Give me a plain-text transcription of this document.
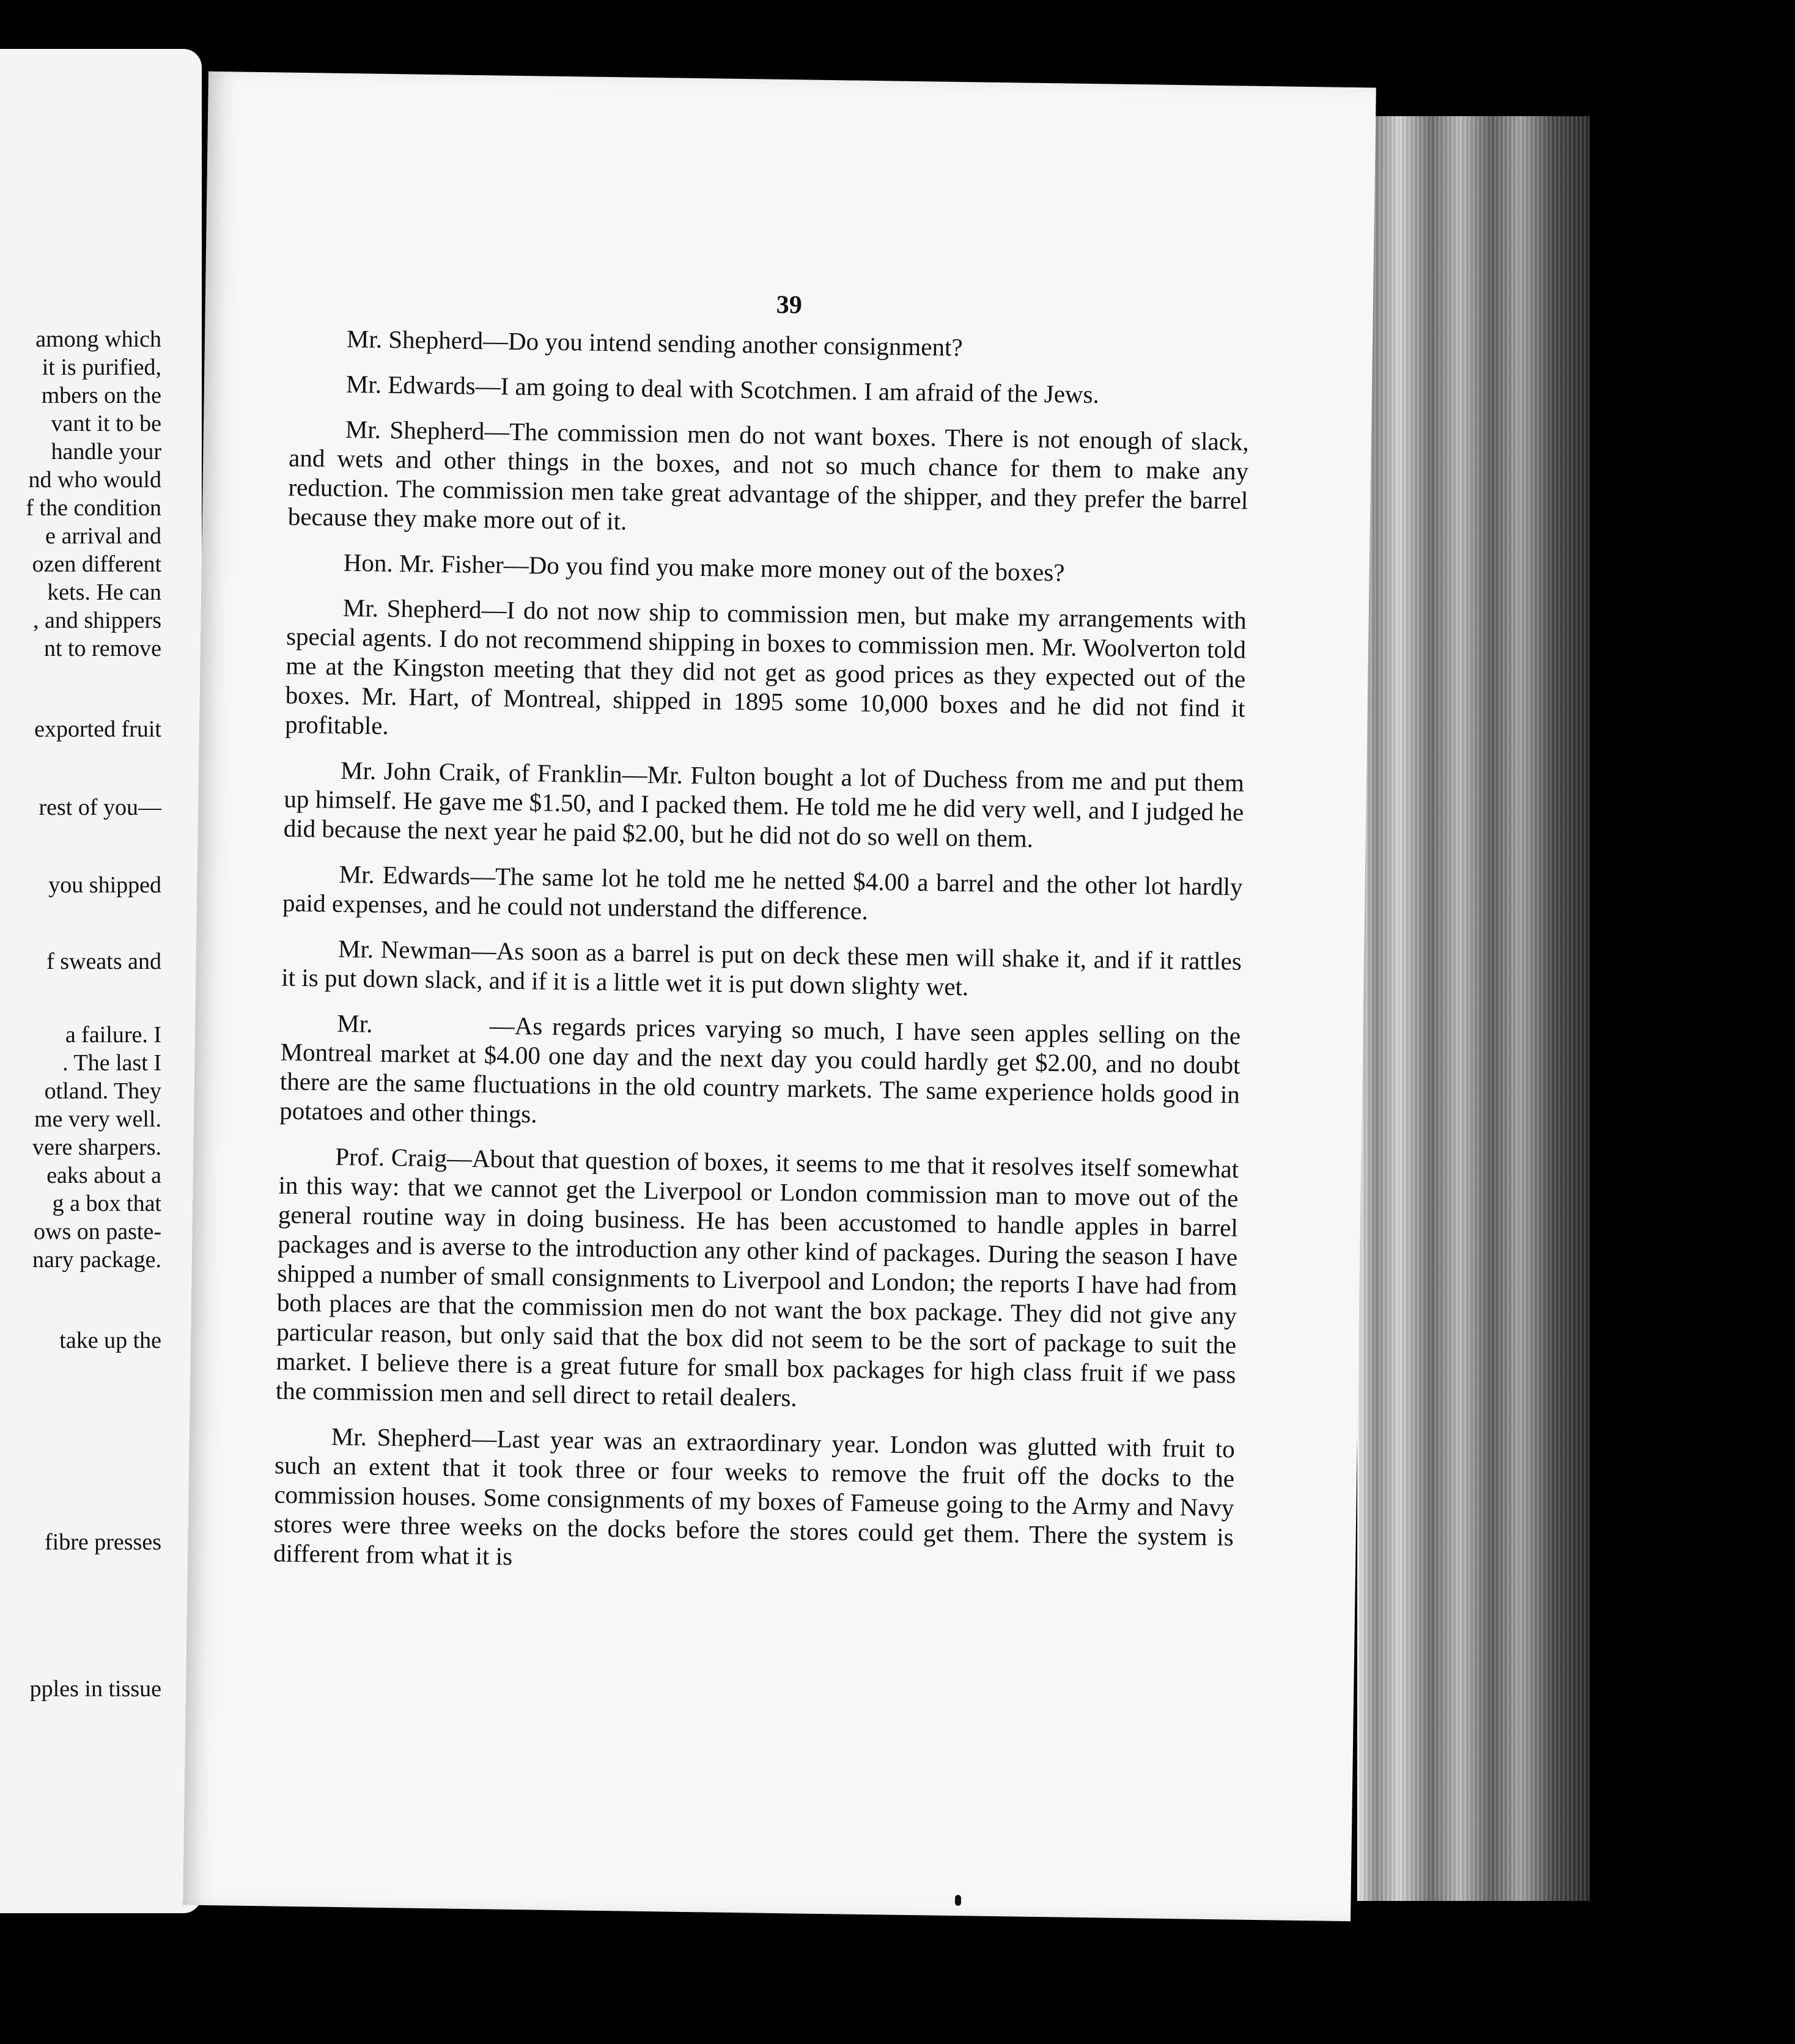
among which
it is purified,
mbers on the
vant it to be
handle your
nd who would
f the condition
e arrival and
ozen different
kets. He can
, and shippers
nt to remove
exported fruit
rest of you—
you shipped
f sweats and
a failure. I
. The last I
otland. They
me very well.
vere sharpers.
eaks about a
g a box that
ows on paste-
nary package.
take up the
fibre presses
pples in tissue
39

Mr. Shepherd—Do you intend sending another consignment?

Mr. Edwards—I am going to deal with Scotchmen. I am afraid of the Jews.

Mr. Shepherd—The commission men do not want boxes. There is not enough of slack, and wets and other things in the boxes, and not so much chance for them to make any reduction. The commission men take great advantage of the shipper, and they prefer the barrel because they make more out of it.

Hon. Mr. Fisher—Do you find you make more money out of the boxes?

Mr. Shepherd—I do not now ship to commission men, but make my arrangements with special agents. I do not recommend shipping in boxes to commission men. Mr. Woolverton told me at the Kingston meeting that they did not get as good prices as they expected out of the boxes. Mr. Hart, of Montreal, shipped in 1895 some 10,000 boxes and he did not find it profitable.

Mr. John Craik, of Franklin—Mr. Fulton bought a lot of Duchess from me and put them up himself. He gave me $1.50, and I packed them. He told me he did very well, and I judged he did because the next year he paid $2.00, but he did not do so well on them.

Mr. Edwards—The same lot he told me he netted $4.00 a barrel and the other lot hardly paid expenses, and he could not understand the difference.

Mr. Newman—As soon as a barrel is put on deck these men will shake it, and if it rattles it is put down slack, and if it is a little wet it is put down slighty wet.

Mr.            —As regards prices varying so much, I have seen apples selling on the Montreal market at $4.00 one day and the next day you could hardly get $2.00, and no doubt there are the same fluctuations in the old country markets. The same experience holds good in potatoes and other things.

Prof. Craig—About that question of boxes, it seems to me that it resolves itself somewhat in this way: that we cannot get the Liverpool or London commission man to move out of the general routine way in doing business. He has been accustomed to handle apples in barrel packages and is averse to the introduction any other kind of packages. During the season I have shipped a number of small consignments to Liverpool and London; the reports I have had from both places are that the commission men do not want the box package. They did not give any particular reason, but only said that the box did not seem to be the sort of package to suit the market. I believe there is a great future for small box packages for high class fruit if we pass the commission men and sell direct to retail dealers.

Mr. Shepherd—Last year was an extraordinary year. London was glutted with fruit to such an extent that it took three or four weeks to remove the fruit off the docks to the commission houses. Some consignments of my boxes of Fameuse going to the Army and Navy stores were three weeks on the docks before the stores could get them. There the system is different from what it is
